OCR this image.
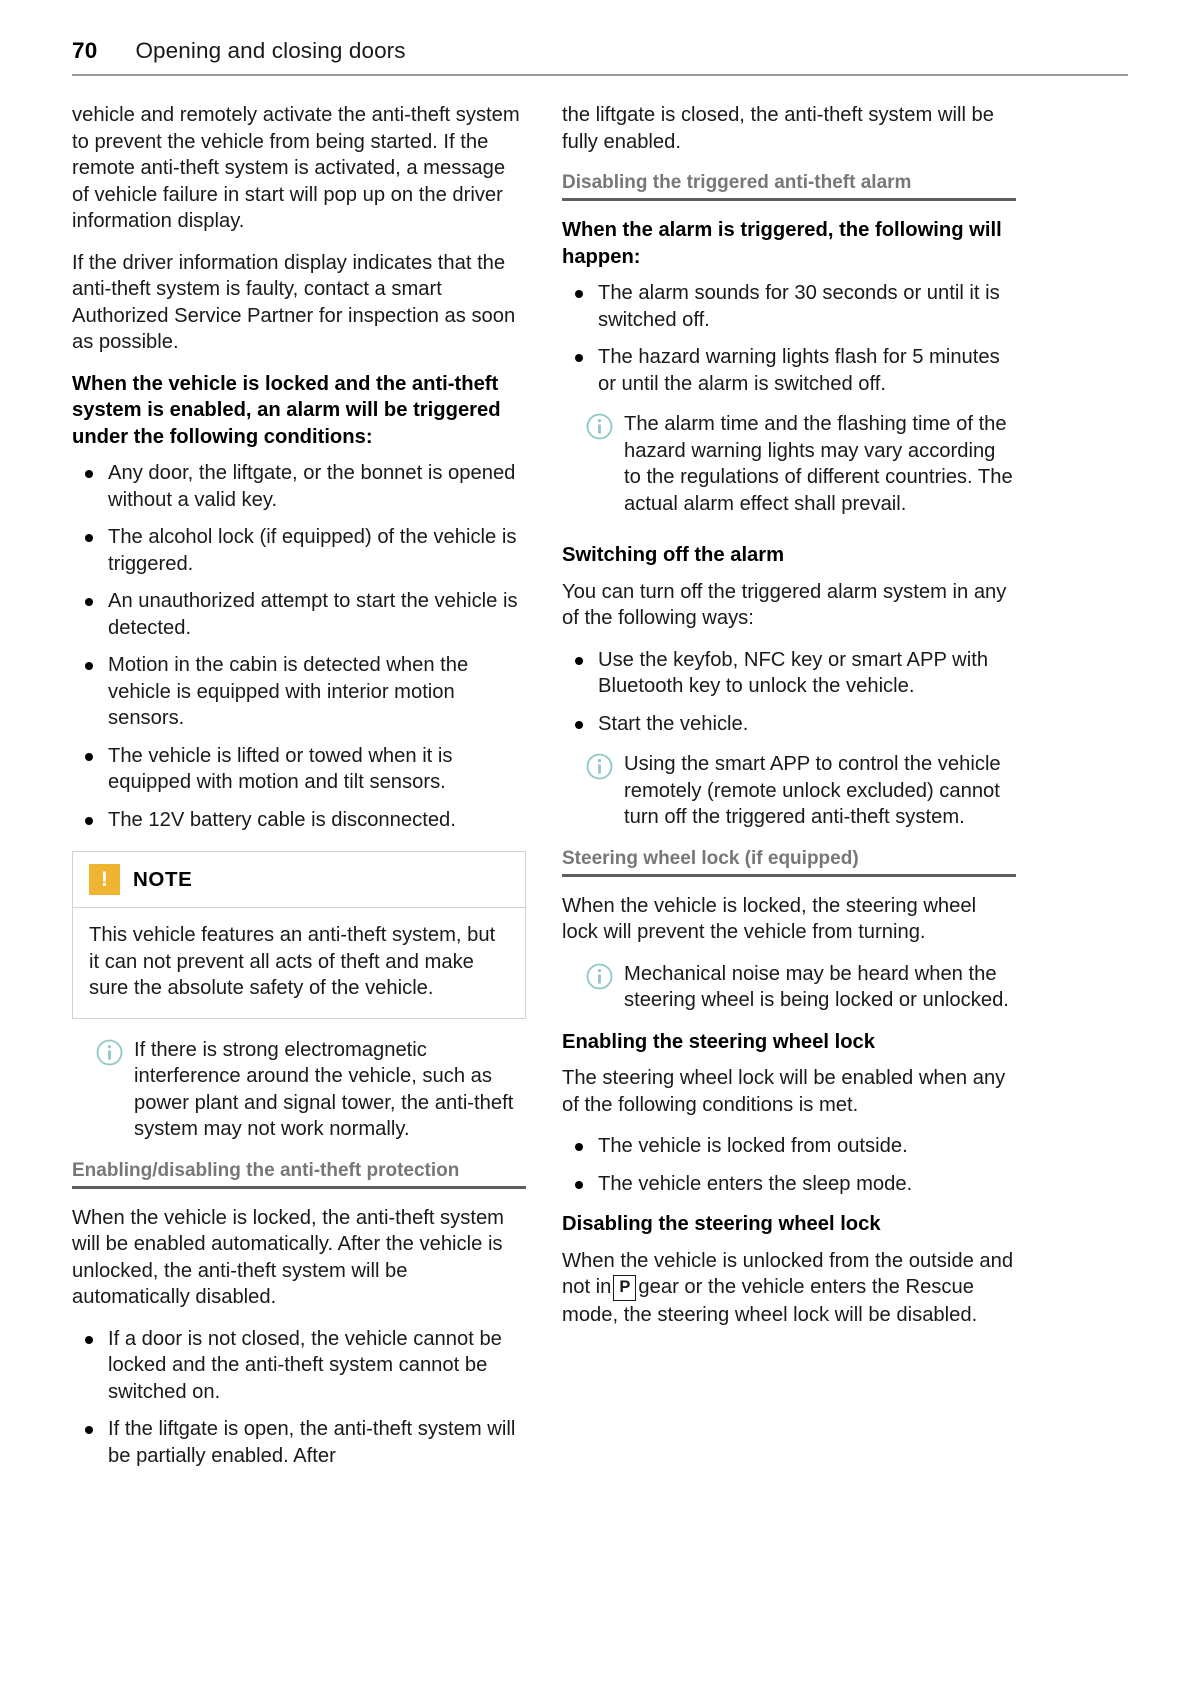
70 Opening and closing doors

vehicle and remotely activate the anti-theft system to prevent the vehicle from being started. If the remote anti-theft system is activated, a message of vehicle failure in start will pop up on the driver information display.

If the driver information display indicates that the anti-theft system is faulty, contact a smart Authorized Service Partner for inspection as soon as possible.

When the vehicle is locked and the anti-theft system is enabled, an alarm will be triggered under the following conditions:
Any door, the liftgate, or the bonnet is opened without a valid key.
The alcohol lock (if equipped) of the vehicle is triggered.
An unauthorized attempt to start the vehicle is detected.
Motion in the cabin is detected when the vehicle is equipped with interior motion sensors.
The vehicle is lifted or towed when it is equipped with motion and tilt sensors.
The 12V battery cable is disconnected.
!	NOTE
This vehicle features an anti-theft system, but it can not prevent all acts of theft and make sure the absolute safety of the vehicle.
If there is strong electromagnetic interference around the vehicle, such as power plant and signal tower, the anti-theft system may not work normally.
Enabling/disabling the anti-theft protection

When the vehicle is locked, the anti-theft system will be enabled automatically. After the vehicle is unlocked, the anti-theft system will be automatically disabled.

If a door is not closed, the vehicle cannot be locked and the anti-theft system cannot be switched on.
If the liftgate is open, the anti-theft system will be partially enabled. After

the liftgate is closed, the anti-theft system will be fully enabled.

Disabling the triggered anti-theft alarm
When the alarm is triggered, the following will happen:
The alarm sounds for 30 seconds or until it is switched off.
The hazard warning lights flash for 5 minutes or until the alarm is switched off.
The alarm time and the flashing time of the hazard warning lights may vary according to the regulations of different countries. The actual alarm effect shall prevail.
Switching off the alarm

You can turn off the triggered alarm system in any of the following ways:

Use the keyfob, NFC key or smart APP with Bluetooth key to unlock the vehicle.
Start the vehicle.
Using the smart APP to control the vehicle remotely (remote unlock excluded) cannot turn off the triggered anti-theft system.
Steering wheel lock (if equipped)

When the vehicle is locked, the steering wheel lock will prevent the vehicle from turning.

Mechanical noise may be heard when the steering wheel is being locked or unlocked.
Enabling the steering wheel lock

The steering wheel lock will be enabled when any of the following conditions is met.

The vehicle is locked from outside.
The vehicle enters the sleep mode.
Disabling the steering wheel lock

When the vehicle is unlocked from the outside and not in P gear or the vehicle enters the Rescue mode, the steering wheel lock will be disabled.
